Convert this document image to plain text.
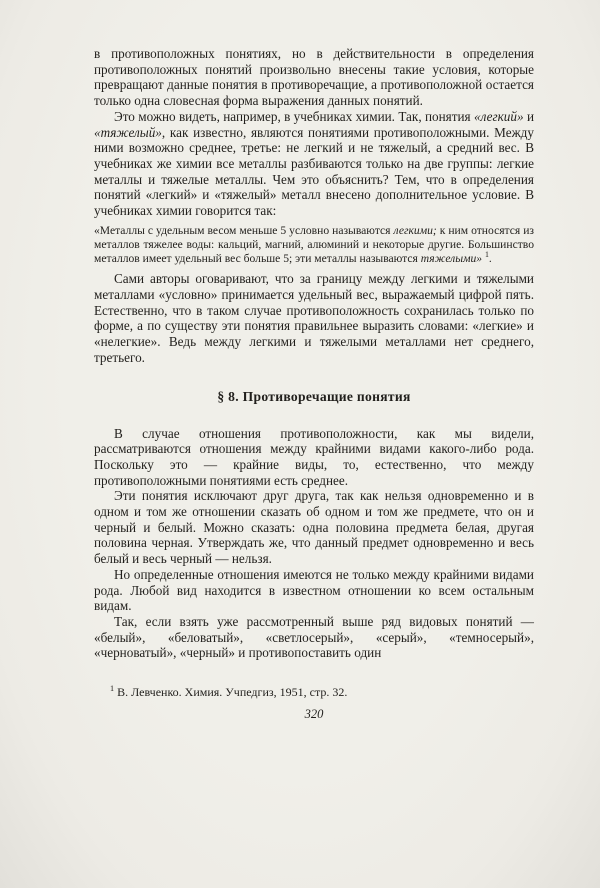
в противоположных понятиях, но в действительности в определения противоположных понятий произвольно внесены такие условия, которые превращают данные понятия в противоречащие, а противоположной остается только одна словесная форма выражения данных понятий.

Это можно видеть, например, в учебниках химии. Так, понятия «легкий» и «тяжелый», как известно, являются понятиями противоположными. Между ними возможно среднее, третье: не легкий и не тяжелый, а средний вес. В учебниках же химии все металлы разбиваются только на две группы: легкие металлы и тяжелые металлы. Чем это объяснить? Тем, что в определения понятий «легкий» и «тяжелый» металл внесено дополнительное условие. В учебниках химии говорится так:

«Металлы с удельным весом меньше 5 условно называются легкими; к ним относятся из металлов тяжелее воды: кальций, магний, алюминий и некоторые другие. Большинство металлов имеет удельный вес больше 5; эти металлы называются тяжелыми» $^1$.

Сами авторы оговаривают, что за границу между легкими и тяжелыми металлами «условно» принимается удельный вес, выражаемый цифрой пять. Естественно, что в таком случае противоположность сохранилась только по форме, а по существу эти понятия правильнее выразить словами: «легкие» и «нелегкие». Ведь между легкими и тяжелыми металлами нет среднего, третьего.

§ 8. Противоречащие понятия

В случае отношения противоположности, как мы видели, рассматриваются отношения между крайними видами какого-либо рода. Поскольку это — крайние виды, то, естественно, что между противоположными понятиями есть среднее.

Эти понятия исключают друг друга, так как нельзя одновременно и в одном и том же отношении сказать об одном и том же предмете, что он и черный и белый. Можно сказать: одна половина предмета белая, другая половина черная. Утверждать же, что данный предмет одновременно и весь белый и весь черный — нельзя.

Но определенные отношения имеются не только между крайними видами рода. Любой вид находится в известном отношении ко всем остальным видам.

Так, если взять уже рассмотренный выше ряд видовых понятий — «белый», «беловатый», «светлосерый», «серый», «темносерый», «черноватый», «черный» и противопоставить один

$^1$ В. Левченко. Химия. Учпедгиз, 1951, стр. 32.

320
